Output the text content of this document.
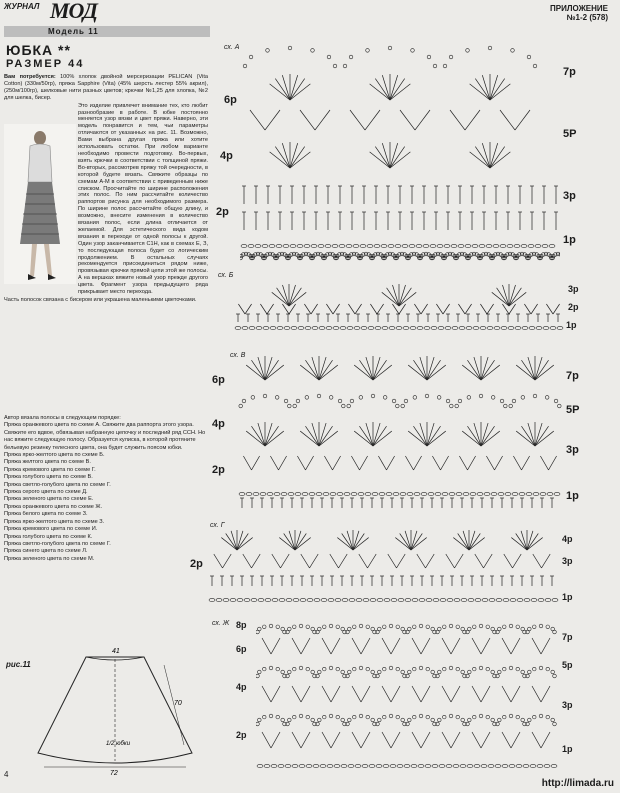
ЖУРНАЛ МОД	ПРИЛОЖЕНИЕ
№1-2 (578)
Модель 11
ЮБКА **
РАЗМЕР 44

Вам потребуется: 100% хлопок двойной мерсеризации PELICAN (Vita Cotton) (330м/50гр), пряжа Sapphire (Vita) (45% шерсть лестер 55% акрил), (250м/100гр), шелковые нити разных цветов; крючки №1,25 для хлопка, №2 для шелка, бисер.

Это изделие привлечет внимание тех, кто любит разнообразие в работе. В юбке постоянно меняется узор вязки и цвет пряжи. Наверно, эти модель понравится и тем, чьи параметры отличаются от указанных на рис. 11. Возможно, Вами выбрана другая пряжа или хотите использовать остатки. При любом варианте необходимо провести подготовку. Во-первых, взять крючки в соответствии с толщиной пряжи. Во-вторых, рассмотрев пряжу той очередности, в которой будете вязать. Свяжите образцы по схемам А-М в соответствии с приведенным ниже списком. Просчитайте по ширине расположения этих полос. По ним рассчитайте количество раппортов рисунка для необходимого размера. По ширине полос рассчитайте общую длину, и возможно, внесите изменения в количество вязания полос, если длина отличается от желаемой. Для эстетического вида кодом вязания в переходе от одной полосы к другой. Один узор заканчивается С1Н, как в схемах Е, З, то последующая полоса будет со логическим продолжением. В остальных случаях рекомендуется присоединиться рядом ниже, провязывая крючки прямой цепи этой же полосы. А на вершках вяжите новый узор прежде другого цвета. Фрагмент узора предыдущего ряда прикрывает место перехода.

Часть полосок связана с бисером или украшена маленькими цветочками.

Автор вязала полосы в следующем порядке:
Пряжа оранжевого цвета по схеме А. Свяжите два раппорта этого узора. Свяжите его вдвое, обвязывая набранную цепочку и последний ряд ССН. Но нас вяжите следующую полосу. Образуется кулиска, в которой протяните бельевую резинку телесного цвета, она будет служить поясом юбки.
Пряжа ярко-желтого цвета по схеме Б.
Пряжа желтого цвета по схеме В.
Пряжа кремового цвета по схеме Г.
Пряжа голубого цвета по схеме В.
Пряжа светло-голубого цвета по схеме Г.
Пряжа серого цвета по схеме Д.
Пряжа зеленого цвета по схеме Е.
Пряжа оранжевого цвета по схеме Ж.
Пряжа белого цвета по схеме З.
Пряжа ярко-желтого цвета по схеме З.
Пряжа кремового цвета по схеме И.
Пряжа голубого цвета по схеме К.
Пряжа светло-голубого цвета по схеме Г.
Пряжа синего цвета по схеме Л.
Пряжа зеленого цвета по схеме М.
рис.11
41
70
1/2 юбки
72
сх. А
сх. Б
сх. В
сх. Г
сх. Ж
6р
4р
2р
7р
5Р
3р
1р
3р
2р
1р
6р
4р
2р
7р
5Р
3р
1р
2р
4р
3р
1р
8р
6р
4р
2р
7р
5р
3р
1р
http://limada.ru
4
